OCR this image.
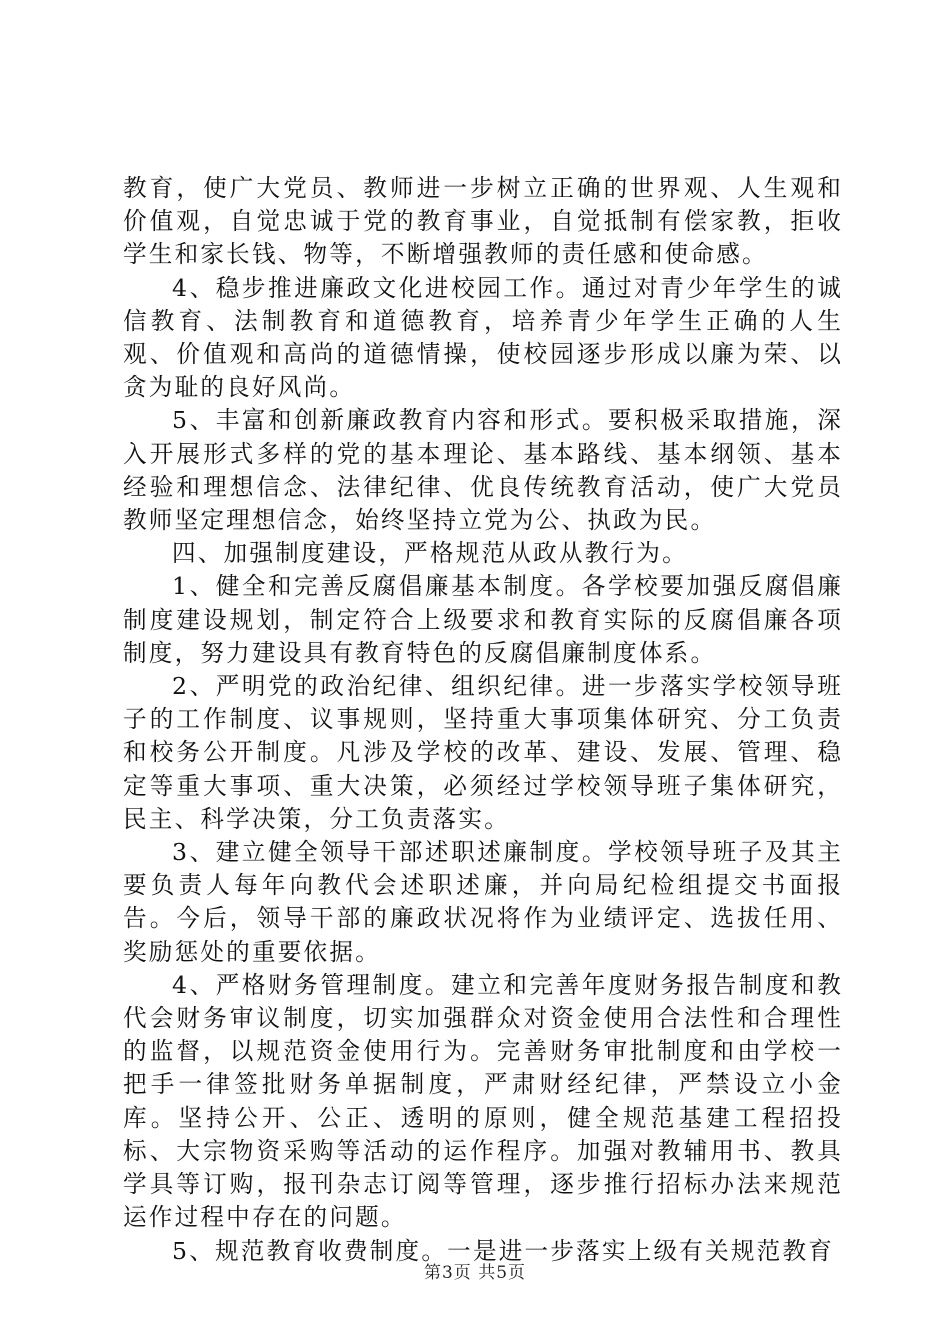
教育，使广大党员、教师进一步树立正确的世界观、人生观和价值观，自觉忠诚于党的教育事业，自觉抵制有偿家教，拒收学生和家长钱、物等，不断增强教师的责任感和使命感。

4、稳步推进廉政文化进校园工作。通过对青少年学生的诚信教育、法制教育和道德教育，培养青少年学生正确的人生观、价值观和高尚的道德情操，使校园逐步形成以廉为荣、以贪为耻的良好风尚。

5、丰富和创新廉政教育内容和形式。要积极采取措施，深入开展形式多样的党的基本理论、基本路线、基本纲领、基本经验和理想信念、法律纪律、优良传统教育活动，使广大党员教师坚定理想信念，始终坚持立党为公、执政为民。

四、加强制度建设，严格规范从政从教行为。

1、健全和完善反腐倡廉基本制度。各学校要加强反腐倡廉制度建设规划，制定符合上级要求和教育实际的反腐倡廉各项制度，努力建设具有教育特色的反腐倡廉制度体系。

2、严明党的政治纪律、组织纪律。进一步落实学校领导班子的工作制度、议事规则，坚持重大事项集体研究、分工负责和校务公开制度。凡涉及学校的改革、建设、发展、管理、稳定等重大事项、重大决策，必须经过学校领导班子集体研究，民主、科学决策，分工负责落实。

3、建立健全领导干部述职述廉制度。学校领导班子及其主要负责人每年向教代会述职述廉，并向局纪检组提交书面报告。今后，领导干部的廉政状况将作为业绩评定、选拔任用、奖励惩处的重要依据。

4、严格财务管理制度。建立和完善年度财务报告制度和教代会财务审议制度，切实加强群众对资金使用合法性和合理性的监督，以规范资金使用行为。完善财务审批制度和由学校一把手一律签批财务单据制度，严肃财经纪律，严禁设立小金库。坚持公开、公正、透明的原则，健全规范基建工程招投标、大宗物资采购等活动的运作程序。加强对教辅用书、教具学具等订购，报刊杂志订阅等管理，逐步推行招标办法来规范运作过程中存在的问题。

5、规范教育收费制度。一是进一步落实上级有关规范教育

第3页 共5页
